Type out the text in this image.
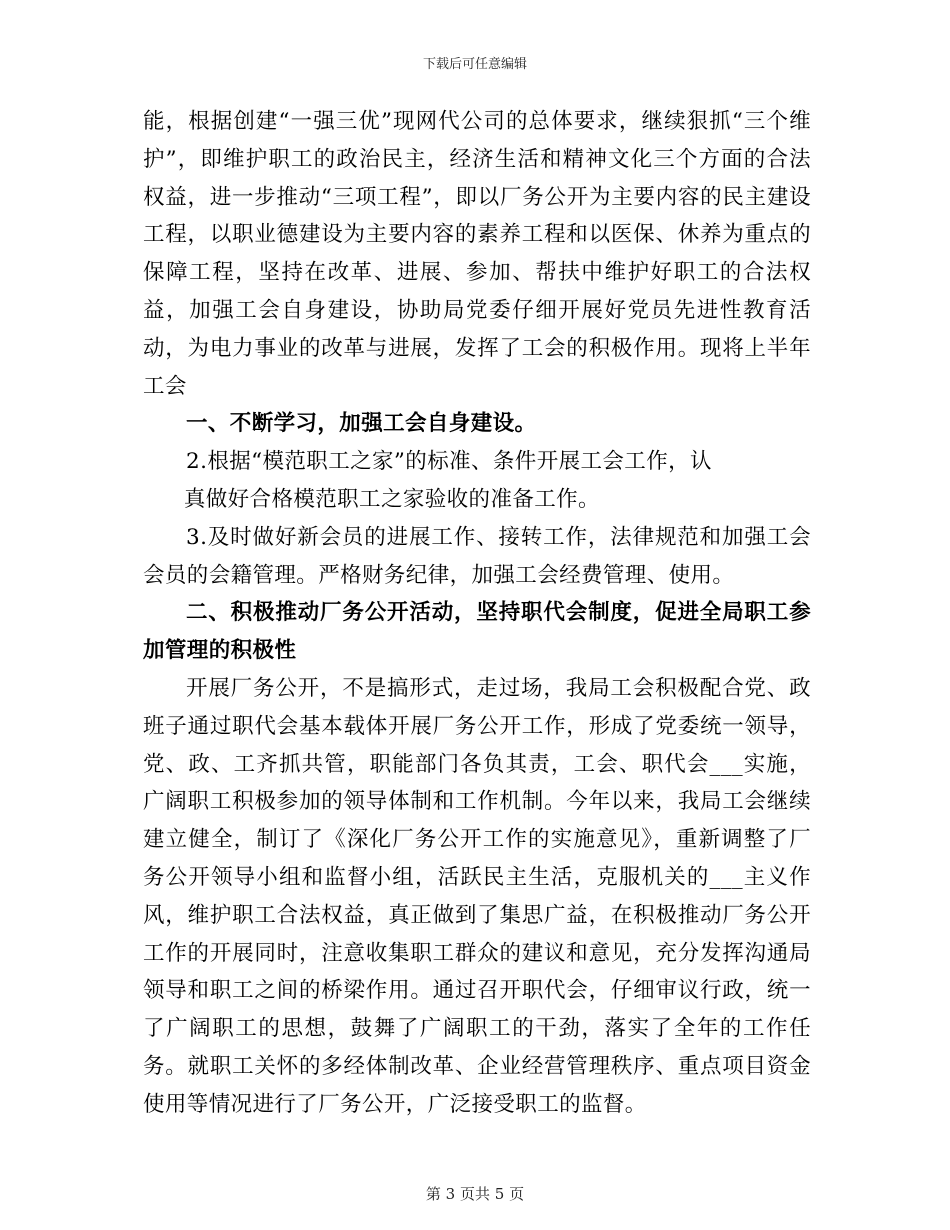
下载后可任意编辑

能，根据创建“一强三优”现网代公司的总体要求，继续狠抓“三个维护”，即维护职工的政治民主，经济生活和精神文化三个方面的合法权益，进一步推动“三项工程”，即以厂务公开为主要内容的民主建设工程，以职业德建设为主要内容的素养工程和以医保、休养为重点的保障工程，坚持在改革、进展、参加、帮扶中维护好职工的合法权益，加强工会自身建设，协助局党委仔细开展好党员先进性教育活动，为电力事业的改革与进展，发挥了工会的积极作用。现将上半年工会

一、不断学习，加强工会自身建设。

2.根据“模范职工之家”的标准、条件开展工会工作，认

真做好合格模范职工之家验收的准备工作。

3.及时做好新会员的进展工作、接转工作，法律规范和加强工会会员的会籍管理。严格财务纪律，加强工会经费管理、使用。

二、积极推动厂务公开活动，坚持职代会制度，促进全局职工参加管理的积极性

开展厂务公开，不是搞形式，走过场，我局工会积极配合党、政班子通过职代会基本载体开展厂务公开工作，形成了党委统一领导，党、政、工齐抓共管，职能部门各负其责，工会、职代会___实施，广阔职工积极参加的领导体制和工作机制。今年以来，我局工会继续建立健全，制订了《深化厂务公开工作的实施意见》，重新调整了厂务公开领导小组和监督小组，活跃民主生活，克服机关的___主义作风，维护职工合法权益，真正做到了集思广益，在积极推动厂务公开工作的开展同时，注意收集职工群众的建议和意见，充分发挥沟通局领导和职工之间的桥梁作用。通过召开职代会，仔细审议行政，统一了广阔职工的思想，鼓舞了广阔职工的干劲，落实了全年的工作任务。就职工关怀的多经体制改革、企业经营管理秩序、重点项目资金使用等情况进行了厂务公开，广泛接受职工的监督。

第 3 页共 5 页
